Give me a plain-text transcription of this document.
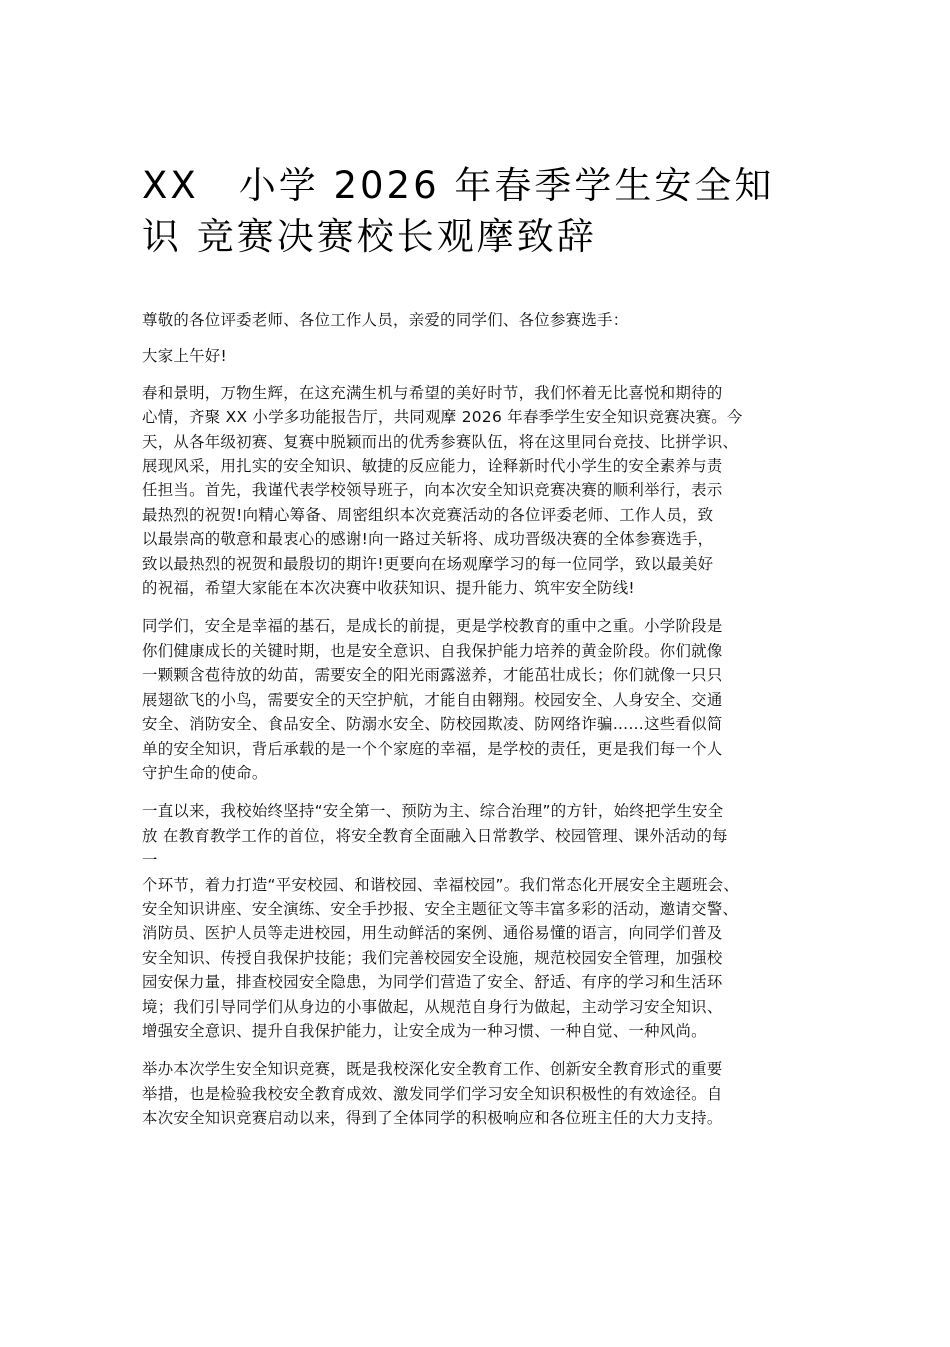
XX　小学 2026 年春季学生安全知
识 竞赛决赛校长观摩致辞

尊敬的各位评委老师、各位工作人员，亲爱的同学们、各位参赛选手：

大家上午好!

春和景明，万物生辉，在这充满生机与希望的美好时节，我们怀着无比喜悦和期待的
心情，齐聚 XX 小学多功能报告厅，共同观摩 2026 年春季学生安全知识竞赛决赛。今
天，从各年级初赛、复赛中脱颖而出的优秀参赛队伍，将在这里同台竞技、比拼学识、
展现风采，用扎实的安全知识、敏捷的反应能力，诠释新时代小学生的安全素养与责
任担当。首先，我谨代表学校领导班子，向本次安全知识竞赛决赛的顺利举行，表示
最热烈的祝贺!向精心筹备、周密组织本次竞赛活动的各位评委老师、工作人员，致
以最崇高的敬意和最衷心的感谢!向一路过关斩将、成功晋级决赛的全体参赛选手，
致以最热烈的祝贺和最殷切的期许!更要向在场观摩学习的每一位同学，致以最美好
的祝福，希望大家能在本次决赛中收获知识、提升能力、筑牢安全防线!

同学们，安全是幸福的基石，是成长的前提，更是学校教育的重中之重。小学阶段是
你们健康成长的关键时期，也是安全意识、自我保护能力培养的黄金阶段。你们就像
一颗颗含苞待放的幼苗，需要安全的阳光雨露滋养，才能茁壮成长；你们就像一只只
展翅欲飞的小鸟，需要安全的天空护航，才能自由翱翔。校园安全、人身安全、交通
安全、消防安全、食品安全、防溺水安全、防校园欺凌、防网络诈骗……这些看似简
单的安全知识，背后承载的是一个个家庭的幸福，是学校的责任，更是我们每一个人
守护生命的使命。

一直以来，我校始终坚持“安全第一、预防为主、综合治理”的方针，始终把学生安全
放 在教育教学工作的首位，将安全教育全面融入日常教学、校园管理、课外活动的每
一
个环节，着力打造“平安校园、和谐校园、幸福校园”。我们常态化开展安全主题班会、
安全知识讲座、安全演练、安全手抄报、安全主题征文等丰富多彩的活动，邀请交警、
消防员、医护人员等走进校园，用生动鲜活的案例、通俗易懂的语言，向同学们普及
安全知识、传授自我保护技能；我们完善校园安全设施，规范校园安全管理，加强校
园安保力量，排查校园安全隐患，为同学们营造了安全、舒适、有序的学习和生活环
境；我们引导同学们从身边的小事做起，从规范自身行为做起，主动学习安全知识、
增强安全意识、提升自我保护能力，让安全成为一种习惯、一种自觉、一种风尚。

举办本次学生安全知识竞赛，既是我校深化安全教育工作、创新安全教育形式的重要
举措，也是检验我校安全教育成效、激发同学们学习安全知识积极性的有效途径。自
本次安全知识竞赛启动以来，得到了全体同学的积极响应和各位班主任的大力支持。
